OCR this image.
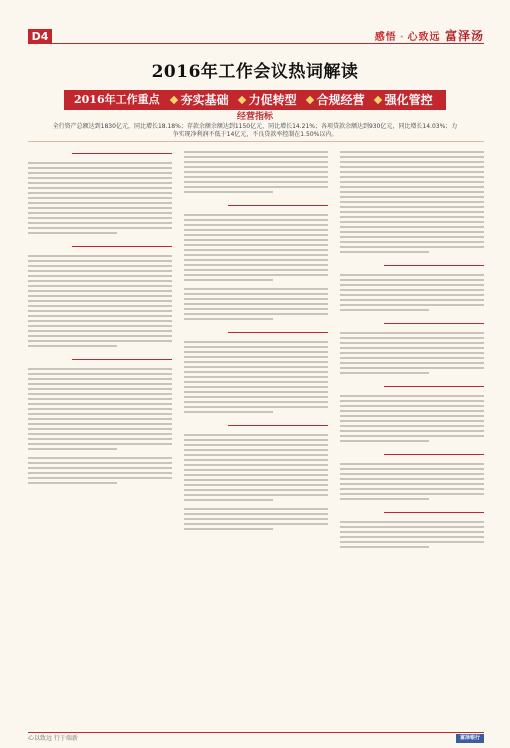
D4	感悟 · 心致远 富泽汤
2016年工作会议热词解读
2016年工作重点	夯实基础 力促转型 合规经营 强化管控
经营指标
全行资产总额达到1830亿元，同比增长18.18%；存款余额余额达到1150亿元，同比增长14.21%；各项贷款余额达到930亿元，同比增长14.03%；力争实现净利润不低于14亿元，不良贷款率控制在1.50%以内。
心以致远 行于端新	富泽银行
